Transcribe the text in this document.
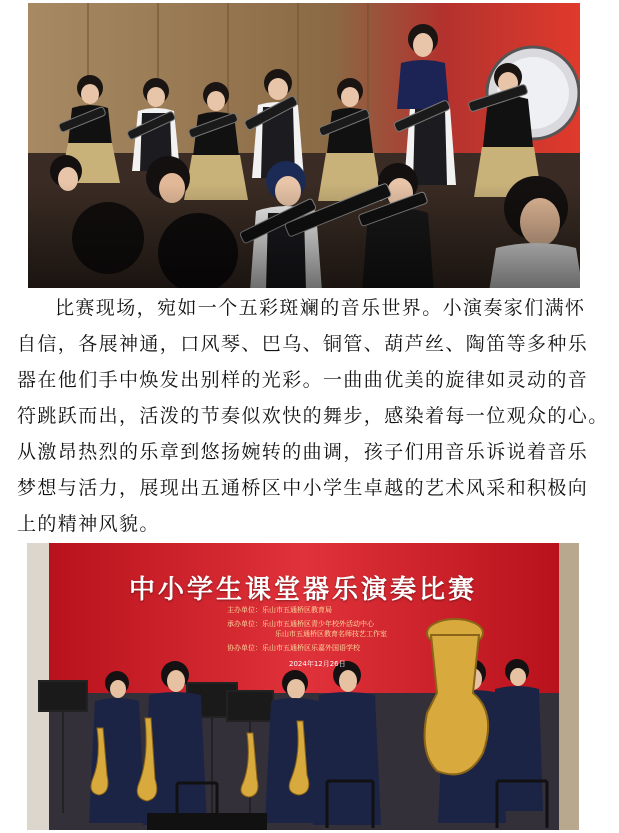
比赛现场，宛如一个五彩斑斓的音乐世界。小演奏家们满怀
自信，各展神通，口风琴、巴乌、铜管、葫芦丝、陶笛等多种乐
器在他们手中焕发出别样的光彩。一曲曲优美的旋律如灵动的音
符跳跃而出，活泼的节奏似欢快的舞步，感染着每一位观众的心。
从激昂热烈的乐章到悠扬婉转的曲调，孩子们用音乐诉说着音乐
梦想与活力，展现出五通桥区中小学生卓越的艺术风采和积极向
上的精神风貌。

中小学生课堂器乐演奏比赛
主办单位：乐山市五通桥区教育局
承办单位：乐山市五通桥区青少年校外活动中心
乐山市五通桥区教育名师技艺工作室
协办单位：乐山市五通桥区乐嘉外国语学校
2024年12月26日
